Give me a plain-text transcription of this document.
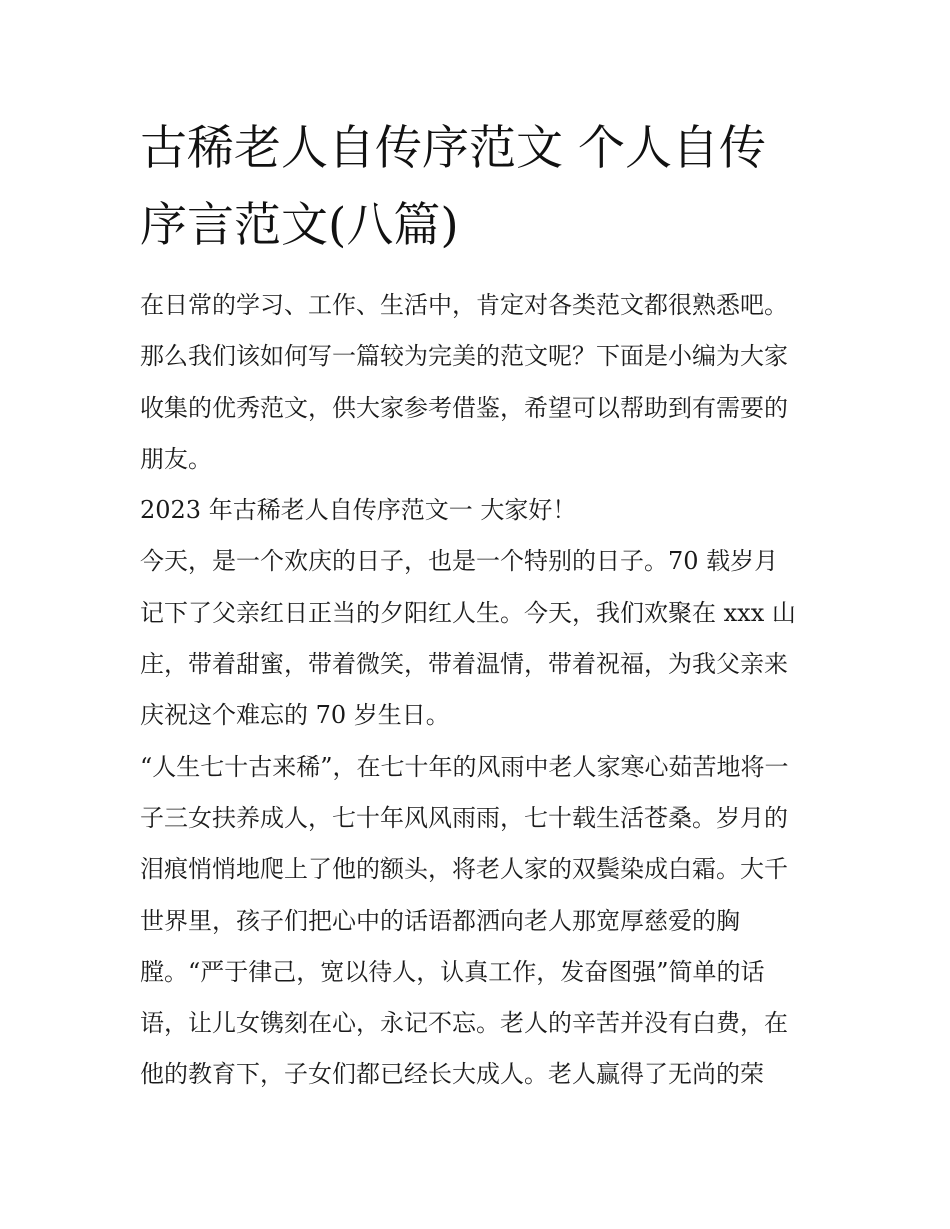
古稀老人自传序范文 个人自传
序言范文(八篇)
在日常的学习、工作、生活中，肯定对各类范文都很熟悉吧。
那么我们该如何写一篇较为完美的范文呢？下面是小编为大家
收集的优秀范文，供大家参考借鉴，希望可以帮助到有需要的
朋友。
2023 年古稀老人自传序范文一 大家好！
今天，是一个欢庆的日子，也是一个特别的日子。70 载岁月
记下了父亲红日正当的夕阳红人生。今天，我们欢聚在 xxx 山
庄，带着甜蜜，带着微笑，带着温情，带着祝福，为我父亲来
庆祝这个难忘的 70 岁生日。
“人生七十古来稀”，在七十年的风雨中老人家寒心茹苦地将一
子三女扶养成人，七十年风风雨雨，七十载生活苍桑。岁月的
泪痕悄悄地爬上了他的额头，将老人家的双鬓染成白霜。大千
世界里，孩子们把心中的话语都洒向老人那宽厚慈爱的胸
膛。“严于律己，宽以待人，认真工作，发奋图强”简单的话
语，让儿女镌刻在心，永记不忘。老人的辛苦并没有白费，在
他的教育下，子女们都已经长大成人。老人赢得了无尚的荣
